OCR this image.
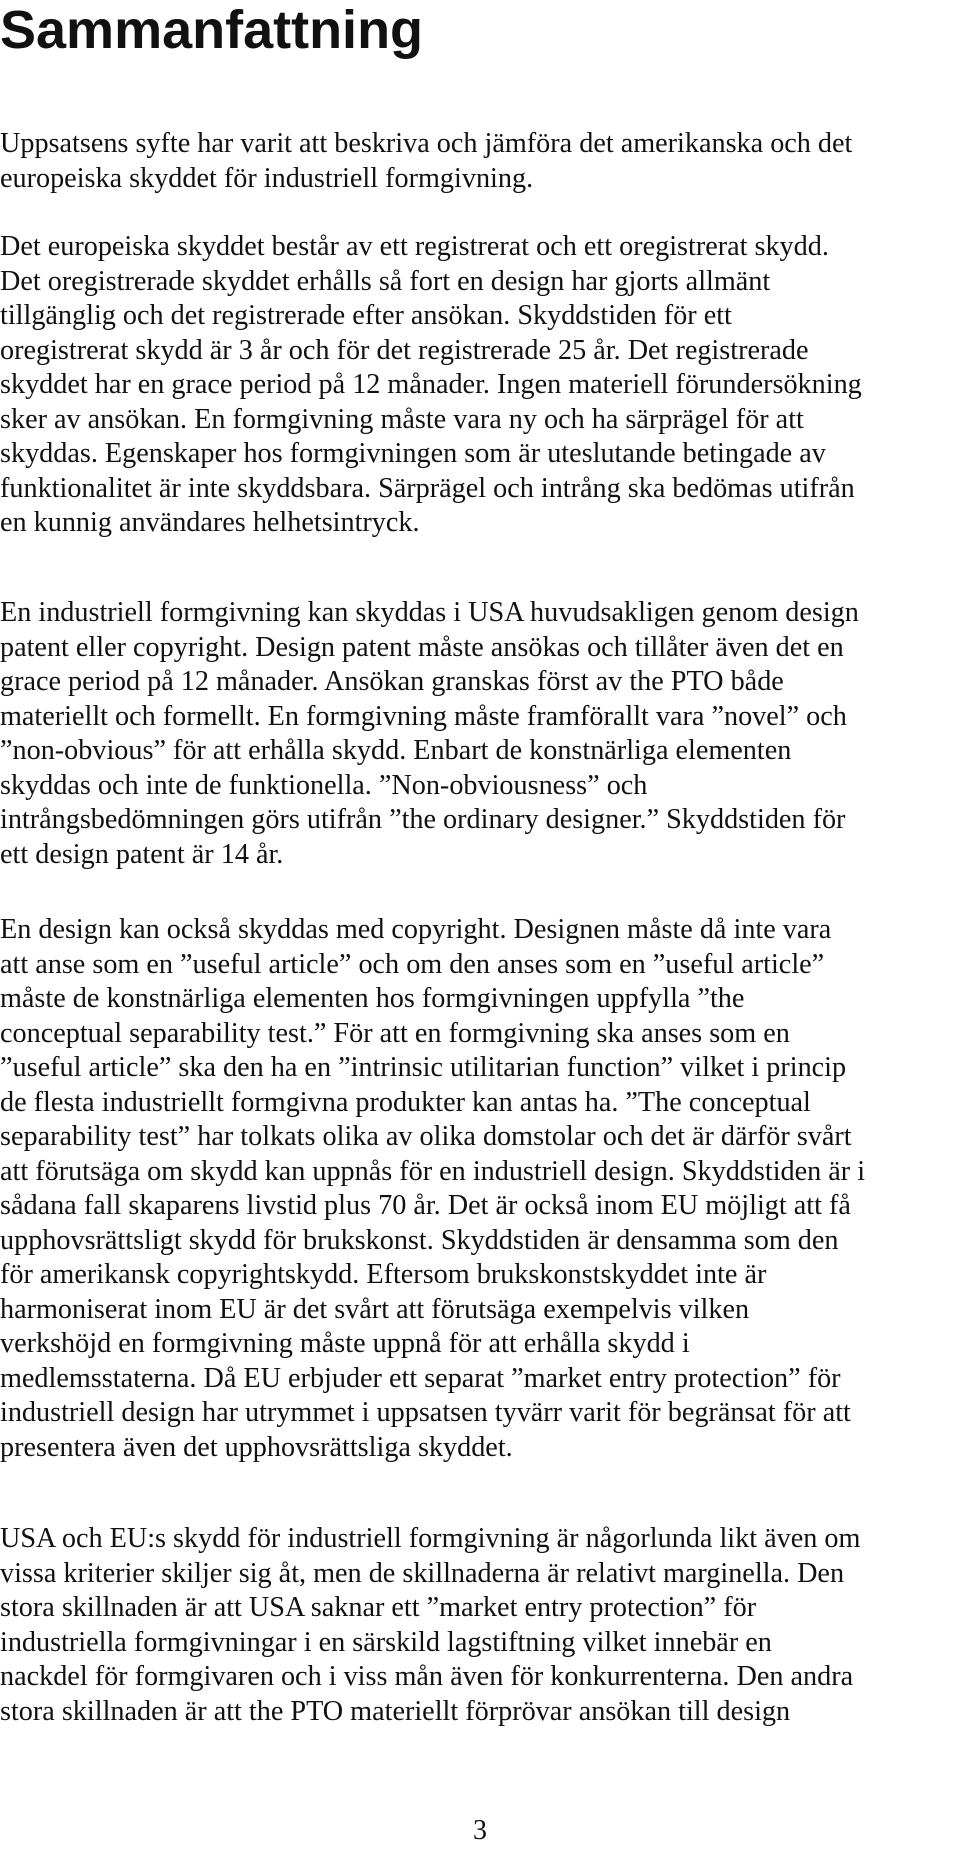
Sammanfattning

Uppsatsens syfte har varit att beskriva och jämföra det amerikanska och det
europeiska skyddet för industriell formgivning.

Det europeiska skyddet består av ett registrerat och ett oregistrerat skydd.
Det oregistrerade skyddet erhålls så fort en design har gjorts allmänt
tillgänglig och det registrerade efter ansökan. Skyddstiden för ett
oregistrerat skydd är 3 år och för det registrerade 25 år. Det registrerade
skyddet har en grace period på 12 månader. Ingen materiell förundersökning
sker av ansökan. En formgivning måste vara ny och ha särprägel för att
skyddas. Egenskaper hos formgivningen som är uteslutande betingade av
funktionalitet är inte skyddsbara. Särprägel och intrång ska bedömas utifrån
en kunnig användares helhetsintryck.

En industriell formgivning kan skyddas i USA huvudsakligen genom design
patent eller copyright. Design patent måste ansökas och tillåter även det en
grace period på 12 månader. Ansökan granskas först av the PTO både
materiellt och formellt. En formgivning måste framförallt vara ”novel” och
”non-obvious” för att erhålla skydd. Enbart de konstnärliga elementen
skyddas och inte de funktionella. ”Non-obviousness” och
intrångsbedömningen görs utifrån ”the ordinary designer.” Skyddstiden för
ett design patent är 14 år.

En design kan också skyddas med copyright. Designen måste då inte vara
att anse som en ”useful article” och om den anses som en ”useful article”
måste de konstnärliga elementen hos formgivningen uppfylla ”the
conceptual separability test.” För att en formgivning ska anses som en
”useful article” ska den ha en ”intrinsic utilitarian function” vilket i princip
de flesta industriellt formgivna produkter kan antas ha. ”The conceptual
separability test” har tolkats olika av olika domstolar och det är därför svårt
att förutsäga om skydd kan uppnås för en industriell design. Skyddstiden är i
sådana fall skaparens livstid plus 70 år. Det är också inom EU möjligt att få
upphovsrättsligt skydd för brukskonst. Skyddstiden är densamma som den
för amerikansk copyrightskydd. Eftersom brukskonstskyddet inte är
harmoniserat inom EU är det svårt att förutsäga exempelvis vilken
verkshöjd en formgivning måste uppnå för att erhålla skydd i
medlemsstaterna. Då EU erbjuder ett separat ”market entry protection” för
industriell design har utrymmet i uppsatsen tyvärr varit för begränsat för att
presentera även det upphovsrättsliga skyddet.

USA och EU:s skydd för industriell formgivning är någorlunda likt även om
vissa kriterier skiljer sig åt, men de skillnaderna är relativt marginella. Den
stora skillnaden är att USA saknar ett ”market entry protection” för
industriella formgivningar i en särskild lagstiftning vilket innebär en
nackdel för formgivaren och i viss mån även för konkurrenterna. Den andra
stora skillnaden är att the PTO materiellt förprövar ansökan till design

3
